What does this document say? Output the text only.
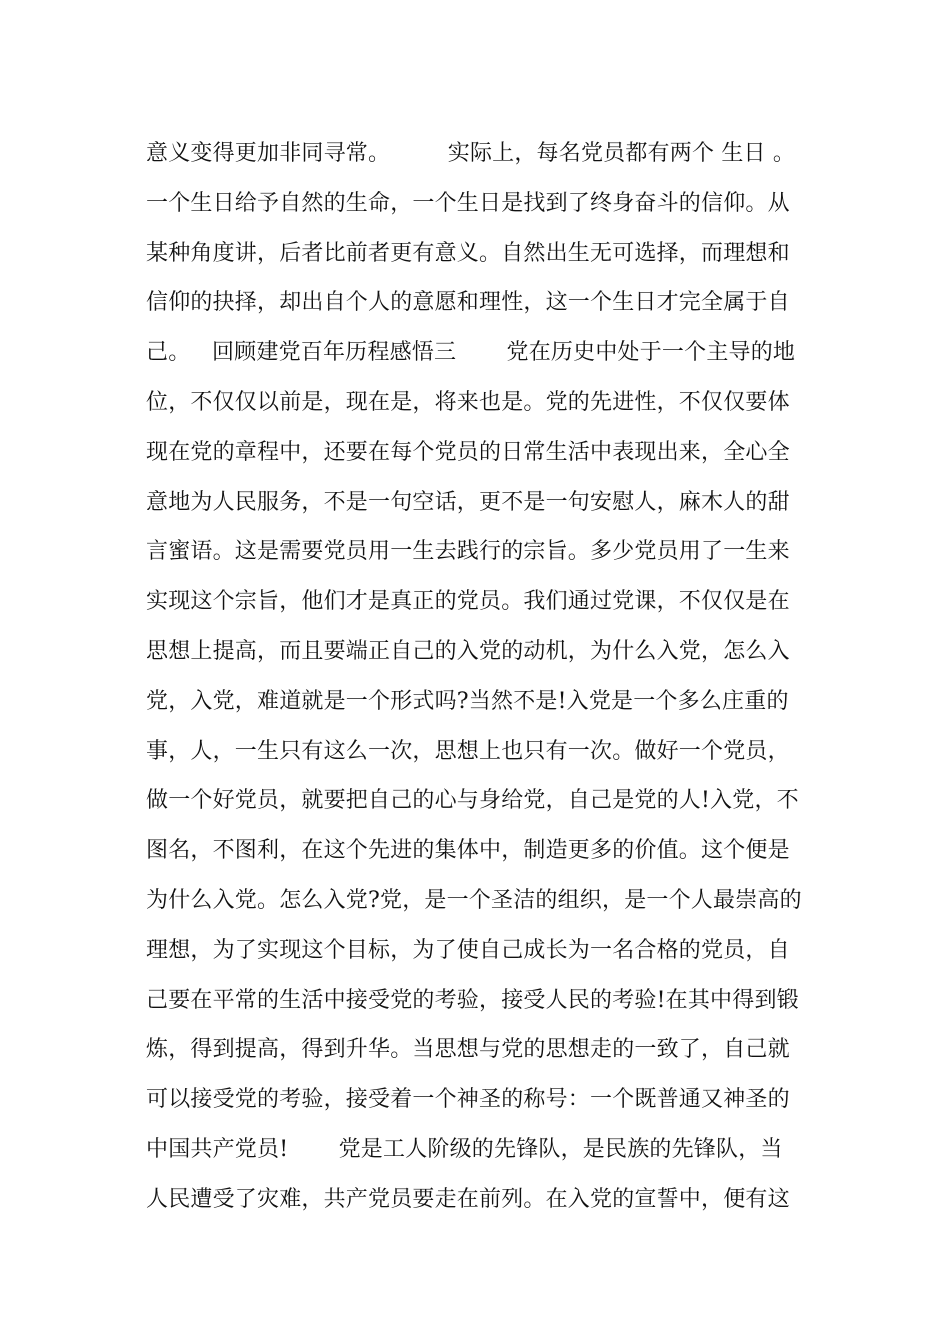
意义变得更加非同寻常。        实际上，每名党员都有两个 生日 。
一个生日给予自然的生命，一个生日是找到了终身奋斗的信仰。从
某种角度讲，后者比前者更有意义。自然出生无可选择，而理想和
信仰的抉择，却出自个人的意愿和理性，这一个生日才完全属于自
己。   回顾建党百年历程感悟三       党在历史中处于一个主导的地
位，不仅仅以前是，现在是，将来也是。党的先进性，不仅仅要体
现在党的章程中，还要在每个党员的日常生活中表现出来，全心全
意地为人民服务，不是一句空话，更不是一句安慰人，麻木人的甜
言蜜语。这是需要党员用一生去践行的宗旨。多少党员用了一生来
实现这个宗旨，他们才是真正的党员。我们通过党课，不仅仅是在
思想上提高，而且要端正自己的入党的动机，为什么入党，怎么入
党，入党，难道就是一个形式吗?当然不是!入党是一个多么庄重的
事，人，一生只有这么一次，思想上也只有一次。做好一个党员，
做一个好党员，就要把自己的心与身给党，自己是党的人!入党，不
图名，不图利，在这个先进的集体中，制造更多的价值。这个便是
为什么入党。怎么入党?党，是一个圣洁的组织，是一个人最崇高的
理想，为了实现这个目标，为了使自己成长为一名合格的党员，自
己要在平常的生活中接受党的考验，接受人民的考验!在其中得到锻
炼，得到提高，得到升华。当思想与党的思想走的一致了，自己就
可以接受党的考验，接受着一个神圣的称号：一个既普通又神圣的
中国共产党员!       党是工人阶级的先锋队，是民族的先锋队，当
人民遭受了灾难，共产党员要走在前列。在入党的宣誓中，便有这
